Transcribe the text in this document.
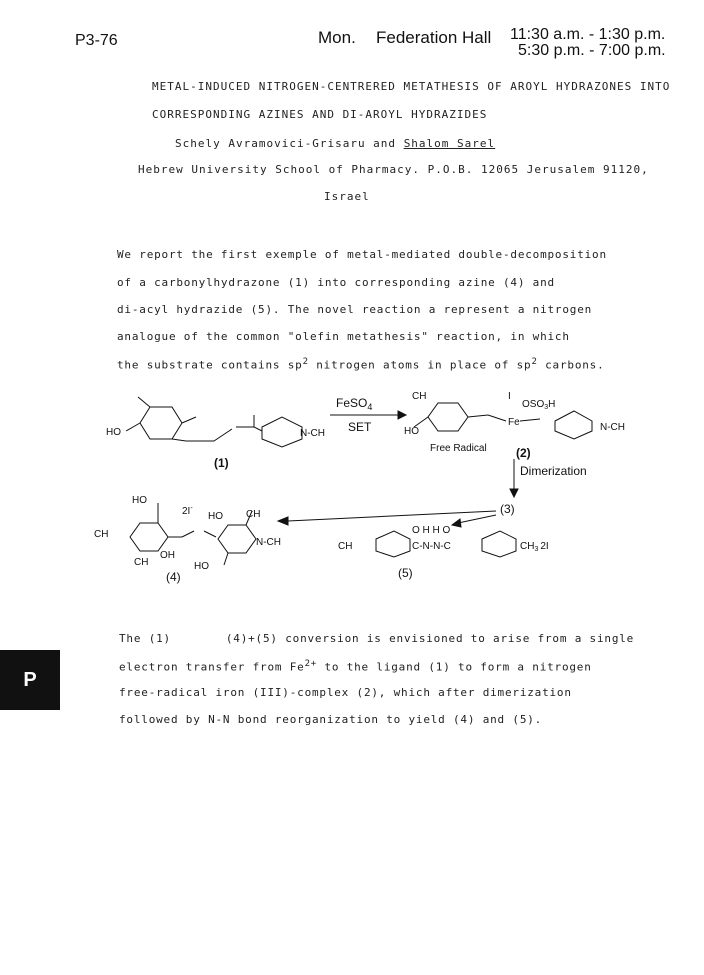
P3-76	Mon. Federation Hall 11:30 a.m. - 1:30 p.m.
5:30 p.m. - 7:00 p.m.
METAL-INDUCED NITROGEN-CENTRERED METATHESIS OF AROYL HYDRAZONES INTO
CORRESPONDING AZINES AND DI-AROYL HYDRAZIDES
Schely Avramovici-Grisaru and Shalom Sarel
Hebrew University School of Pharmacy. P.O.B. 12065 Jerusalem 91120,
Israel
We report the first exemple of metal-mediated double-decomposition
of a carbonylhydrazone (1) into corresponding azine (4) and
di-acyl hydrazide (5). The novel reaction a represent a nitrogen
analogue of the common "olefin metathesis" reaction, in which
the substrate contains $sp^2$ nitrogen atoms in place of $sp^2$ carbons.
HO	N-CH
(1)
FeSO$_4$
SET
CH	I
$OSO_3H$
Fe
HO	N-CH
Free Radical (2)
Dimerization
(3)
HO
2I-
HO CH
CH
OH
CH
N-CH
HO
(4)
CH
O H H O
C-N-N-C	$CH_3$ 2I
(5)
The (1)	(4)+(5) conversion is envisioned to arise from a single
electron transfer from $Fe^{2+}$ to the ligand (1) to form a nitrogen
free-radical iron (III)-complex (2), which after dimerization
followed by N-N bond reorganization to yield (4) and (5).
P
